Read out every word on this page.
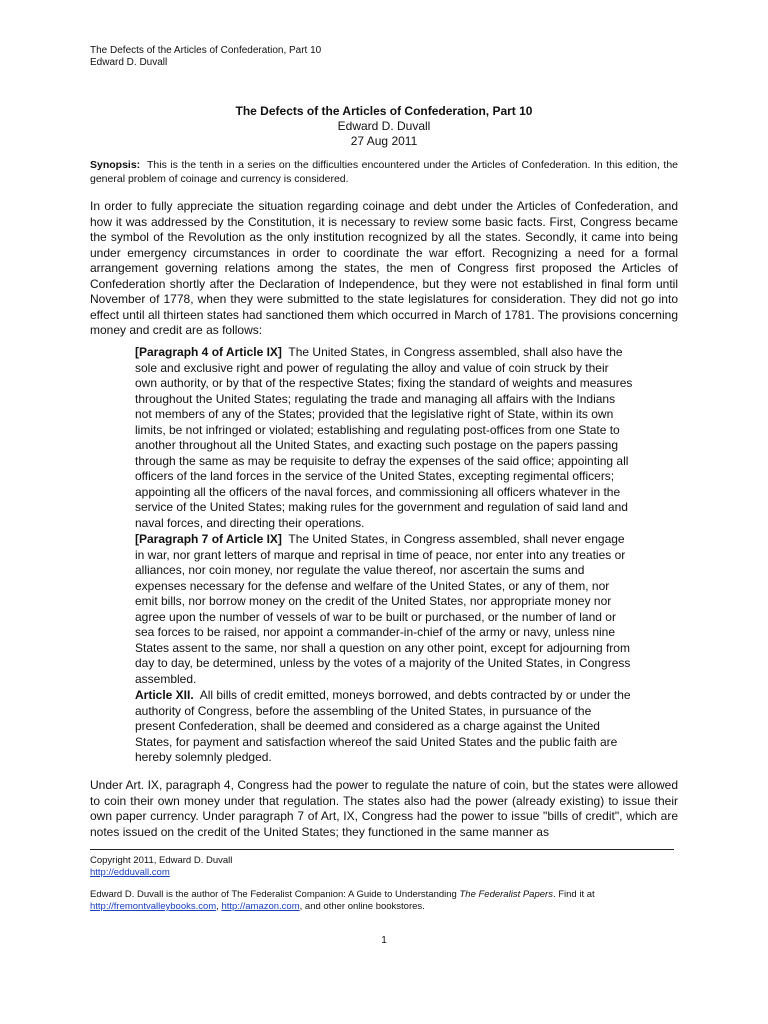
The Defects of the Articles of Confederation, Part 10
Edward D. Duvall
The Defects of the Articles of Confederation, Part 10
Edward D. Duvall
27 Aug 2011
Synopsis: This is the tenth in a series on the difficulties encountered under the Articles of Confederation. In this edition, the general problem of coinage and currency is considered.
In order to fully appreciate the situation regarding coinage and debt under the Articles of Confederation, and how it was addressed by the Constitution, it is necessary to review some basic facts. First, Congress became the symbol of the Revolution as the only institution recognized by all the states. Secondly, it came into being under emergency circumstances in order to coordinate the war effort. Recognizing a need for a formal arrangement governing relations among the states, the men of Congress first proposed the Articles of Confederation shortly after the Declaration of Independence, but they were not established in final form until November of 1778, when they were submitted to the state legislatures for consideration. They did not go into effect until all thirteen states had sanctioned them which occurred in March of 1781. The provisions concerning money and credit are as follows:
[Paragraph 4 of Article IX] The United States, in Congress assembled, shall also have the sole and exclusive right and power of regulating the alloy and value of coin struck by their own authority, or by that of the respective States; fixing the standard of weights and measures throughout the United States; regulating the trade and managing all affairs with the Indians not members of any of the States; provided that the legislative right of State, within its own limits, be not infringed or violated; establishing and regulating post-offices from one State to another throughout all the United States, and exacting such postage on the papers passing through the same as may be requisite to defray the expenses of the said office; appointing all officers of the land forces in the service of the United States, excepting regimental officers; appointing all the officers of the naval forces, and commissioning all officers whatever in the service of the United States; making rules for the government and regulation of said land and naval forces, and directing their operations.
[Paragraph 7 of Article IX] The United States, in Congress assembled, shall never engage in war, nor grant letters of marque and reprisal in time of peace, nor enter into any treaties or alliances, nor coin money, nor regulate the value thereof, nor ascertain the sums and expenses necessary for the defense and welfare of the United States, or any of them, nor emit bills, nor borrow money on the credit of the United States, nor appropriate money nor agree upon the number of vessels of war to be built or purchased, or the number of land or sea forces to be raised, nor appoint a commander-in-chief of the army or navy, unless nine States assent to the same, nor shall a question on any other point, except for adjourning from day to day, be determined, unless by the votes of a majority of the United States, in Congress assembled.
Article XII. All bills of credit emitted, moneys borrowed, and debts contracted by or under the authority of Congress, before the assembling of the United States, in pursuance of the present Confederation, shall be deemed and considered as a charge against the United States, for payment and satisfaction whereof the said United States and the public faith are hereby solemnly pledged.
Under Art. IX, paragraph 4, Congress had the power to regulate the nature of coin, but the states were allowed to coin their own money under that regulation. The states also had the power (already existing) to issue their own paper currency. Under paragraph 7 of Art, IX, Congress had the power to issue "bills of credit", which are notes issued on the credit of the United States; they functioned in the same manner as
Copyright 2011, Edward D. Duvall
http://edduvall.com
Edward D. Duvall is the author of The Federalist Companion: A Guide to Understanding The Federalist Papers. Find it at
http://fremontvalleybooks.com, http://amazon.com, and other online bookstores.
1
